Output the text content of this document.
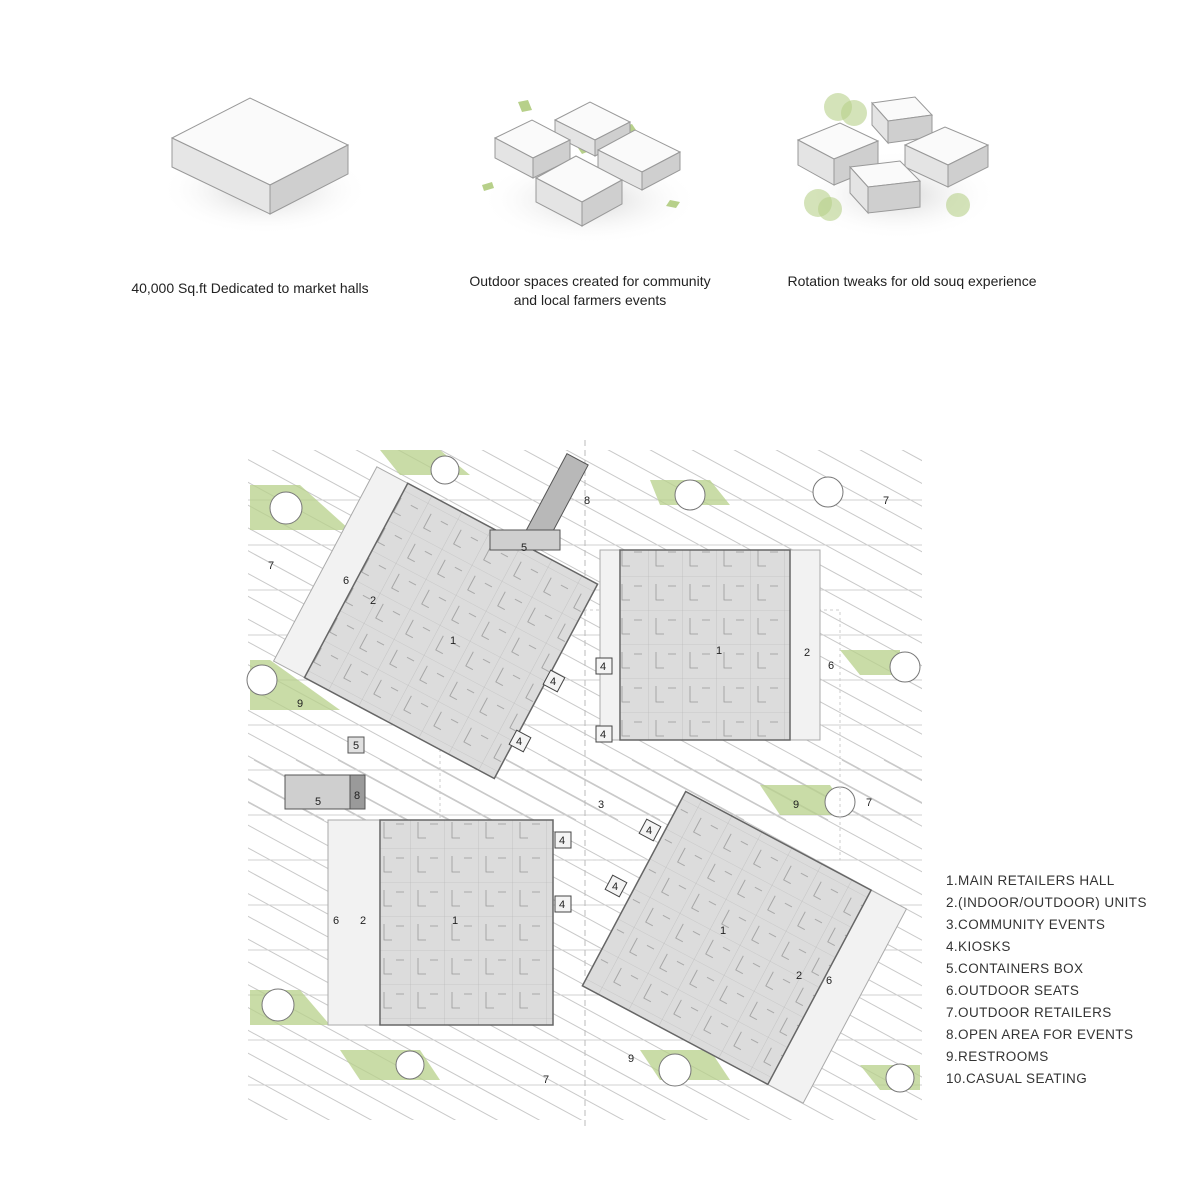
40,000 Sq.ft Dedicated to market halls	Outdoor spaces created for community
and local farmers events
Rotation tweaks for old souq experience
1
1
1
1
2
2
2
2
3
4
4
4
4
4
4
4
4
5
5
5
6
6
6
6
7
7
7
7
8
8
9
9
9
1.MAIN RETAILERS HALL
2.(INDOOR/OUTDOOR) UNITS
3.COMMUNITY EVENTS
4.KIOSKS
5.CONTAINERS BOX
6.OUTDOOR SEATS
7.OUTDOOR RETAILERS
8.OPEN AREA FOR EVENTS
9.RESTROOMS
10.CASUAL SEATING
